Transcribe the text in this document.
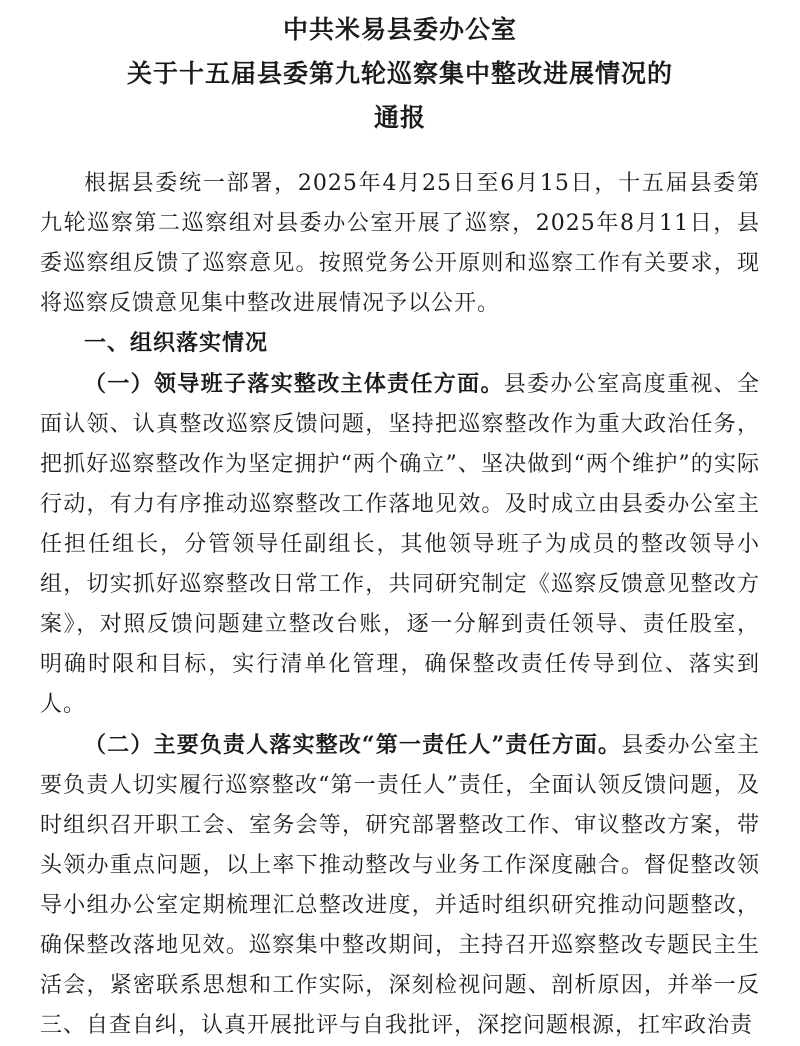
中共米易县委办公室
关于十五届县委第九轮巡察集中整改进展情况的
通报

根据县委统一部署，2025年4月25日至6月15日，十五届县委第九轮巡察第二巡察组对县委办公室开展了巡察，2025年8月11日，县委巡察组反馈了巡察意见。按照党务公开原则和巡察工作有关要求，现将巡察反馈意见集中整改进展情况予以公开。

一、组织落实情况

（一）领导班子落实整改主体责任方面。县委办公室高度重视、全面认领、认真整改巡察反馈问题，坚持把巡察整改作为重大政治任务，把抓好巡察整改作为坚定拥护“两个确立”、坚决做到“两个维护”的实际行动，有力有序推动巡察整改工作落地见效。及时成立由县委办公室主任担任组长，分管领导任副组长，其他领导班子为成员的整改领导小组，切实抓好巡察整改日常工作，共同研究制定《巡察反馈意见整改方案》，对照反馈问题建立整改台账，逐一分解到责任领导、责任股室，明确时限和目标，实行清单化管理，确保整改责任传导到位、落实到人。

（二）主要负责人落实整改“第一责任人”责任方面。县委办公室主要负责人切实履行巡察整改“第一责任人”责任，全面认领反馈问题，及时组织召开职工会、室务会等，研究部署整改工作、审议整改方案，带头领办重点问题，以上率下推动整改与业务工作深度融合。督促整改领导小组办公室定期梳理汇总整改进度，并适时组织研究推动问题整改，确保整改落地见效。巡察集中整改期间，主持召开巡察整改专题民主生活会，紧密联系思想和工作实际，深刻检视问题、剖析原因，并举一反三、自查自纠，认真开展批评与自我批评，深挖问题根源，扛牢政治责
